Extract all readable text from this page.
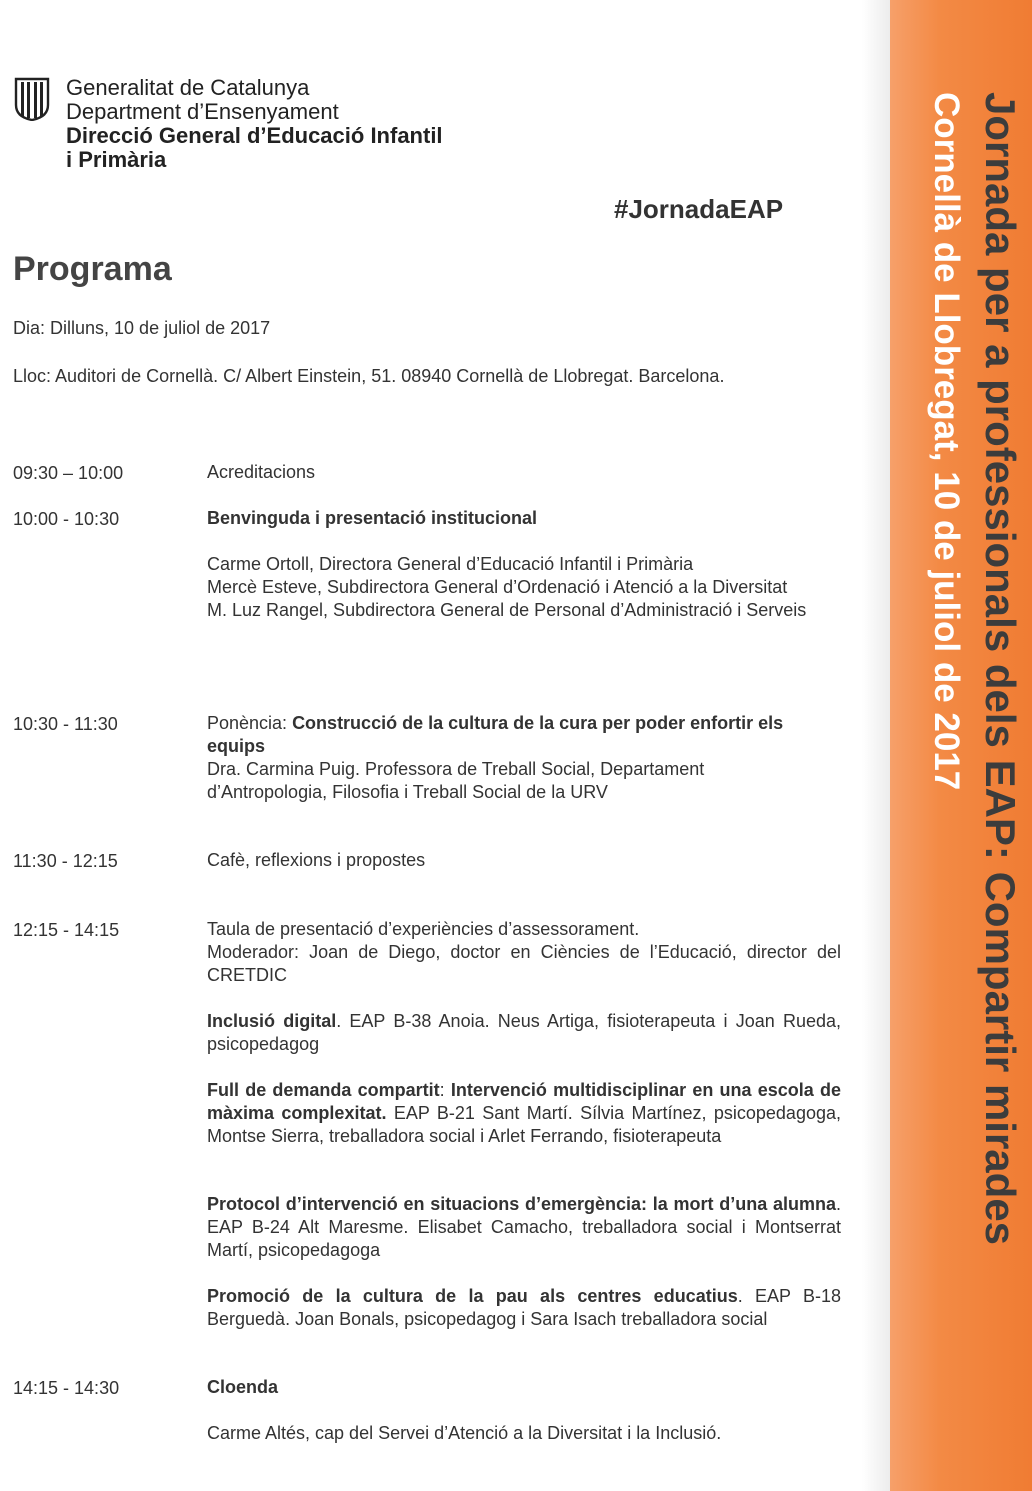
Jornada per a professionals dels EAP: Compartir mirades
Cornellà de Llobregat, 10 de juliol de 2017
Generalitat de Catalunya
Department d’Ensenyament
Direcció General d’Educació Infantil
i Primària
#JornadaEAP
Programa
Dia: Dilluns, 10 de juliol de 2017
Lloc: Auditori de Cornellà. C/ Albert Einstein, 51. 08940 Cornellà de Llobregat. Barcelona.
09:30 – 10:00	Acreditacions
10:00 - 10:30	Benvinguda i presentació institucional
Carme Ortoll, Directora General d’Educació Infantil i Primària
Mercè Esteve, Subdirectora General d’Ordenació i Atenció a la Diversitat
M. Luz Rangel, Subdirectora General de Personal d’Administració i Serveis
10:30 - 11:30	Ponència: Construcció de la cultura de la cura per poder enfortir els equips
Dra. Carmina Puig. Professora de Treball Social, Departament d’Antropologia, Filosofia i Treball Social de la URV
11:30 - 12:15	Cafè, reflexions i propostes
12:15 - 14:15	Taula de presentació d’experiències d’assessorament.
Moderador: Joan de Diego, doctor en Ciències de l’Educació, director del CRETDIC
Inclusió digital. EAP B-38 Anoia. Neus Artiga, fisioterapeuta i Joan Rueda, psicopedagog
Full de demanda compartit: Intervenció multidisciplinar en una escola de màxima complexitat. EAP B-21 Sant Martí. Sílvia Martínez, psicopedagoga, Montse Sierra, treballadora social i Arlet Ferrando, fisioterapeuta
Protocol d’intervenció en situacions d’emergència: la mort d’una alumna. EAP B-24 Alt Maresme. Elisabet Camacho, treballadora social i Montserrat Martí, psicopedagoga
Promoció de la cultura de la pau als centres educatius. EAP B-18 Berguedà. Joan Bonals, psicopedagog i Sara Isach treballadora social
14:15 - 14:30	Cloenda
Carme Altés, cap del Servei d’Atenció a la Diversitat i la Inclusió.
